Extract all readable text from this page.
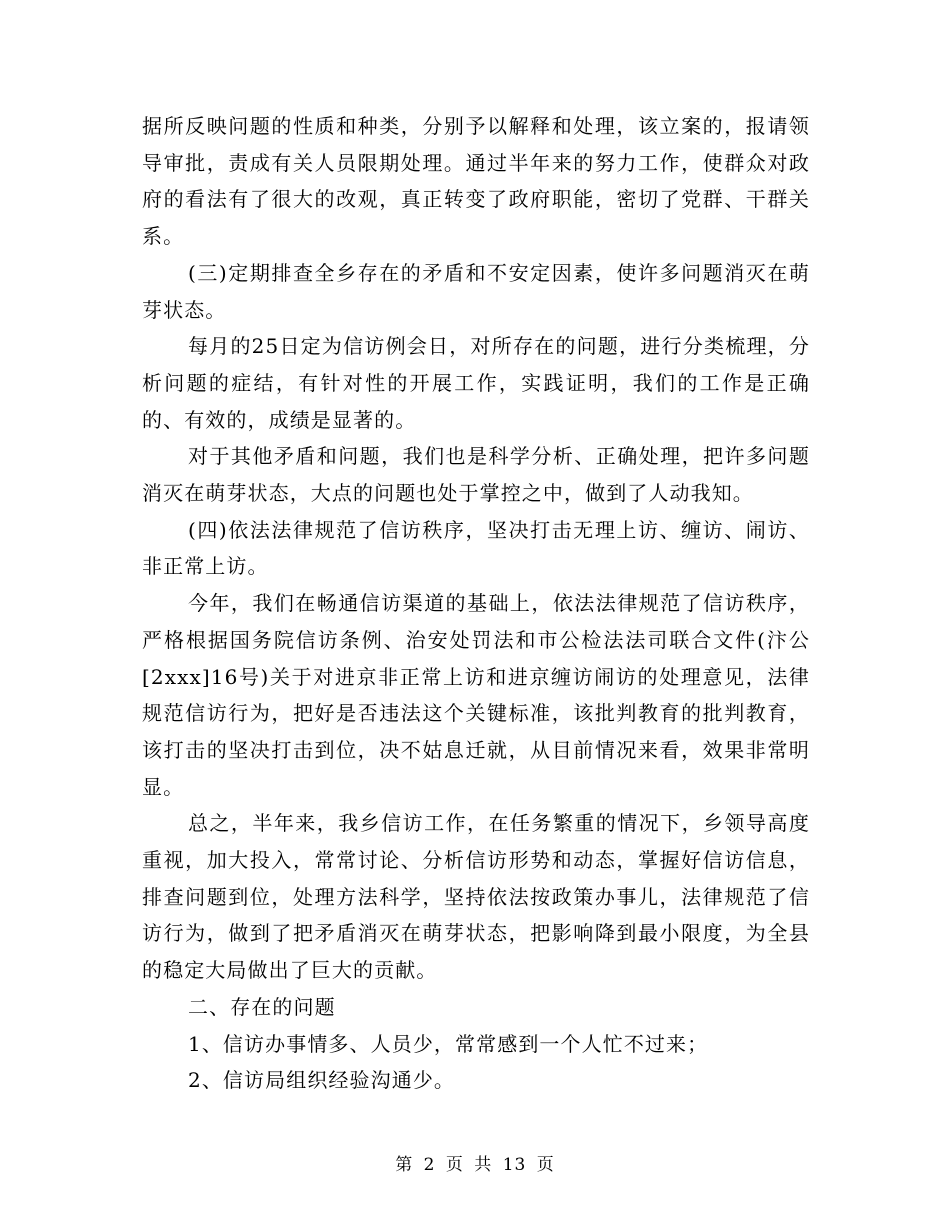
据所反映问题的性质和种类，分别予以解释和处理，该立案的，报请领导审批，责成有关人员限期处理。通过半年来的努力工作，使群众对政府的看法有了很大的改观，真正转变了政府职能，密切了党群、干群关系。

(三)定期排查全乡存在的矛盾和不安定因素，使许多问题消灭在萌芽状态。

每月的25日定为信访例会日，对所存在的问题，进行分类梳理，分析问题的症结，有针对性的开展工作，实践证明，我们的工作是正确的、有效的，成绩是显著的。

对于其他矛盾和问题，我们也是科学分析、正确处理，把许多问题消灭在萌芽状态，大点的问题也处于掌控之中，做到了人动我知。

(四)依法法律规范了信访秩序，坚决打击无理上访、缠访、闹访、非正常上访。

今年，我们在畅通信访渠道的基础上，依法法律规范了信访秩序，严格根据国务院信访条例、治安处罚法和市公检法法司联合文件(汴公[2xxx]16号)关于对进京非正常上访和进京缠访闹访的处理意见，法律规范信访行为，把好是否违法这个关键标准，该批判教育的批判教育，该打击的坚决打击到位，决不姑息迁就，从目前情况来看，效果非常明显。

总之，半年来，我乡信访工作，在任务繁重的情况下，乡领导高度重视，加大投入，常常讨论、分析信访形势和动态，掌握好信访信息，排查问题到位，处理方法科学，坚持依法按政策办事儿，法律规范了信访行为，做到了把矛盾消灭在萌芽状态，把影响降到最小限度，为全县的稳定大局做出了巨大的贡献。

二、存在的问题

1、信访办事情多、人员少，常常感到一个人忙不过来；

2、信访局组织经验沟通少。

第 2 页 共 13 页
